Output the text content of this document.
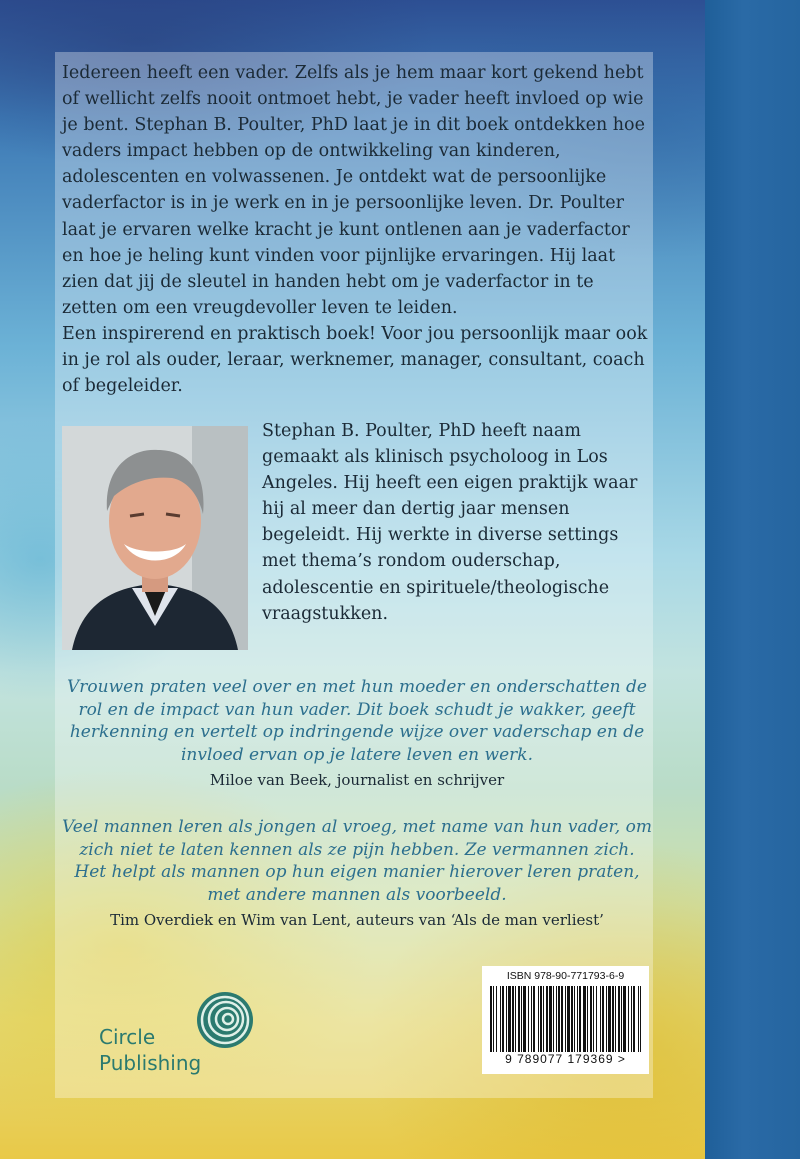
Iedereen heeft een vader. Zelfs als je hem maar kort gekend hebt of wellicht zelfs nooit ontmoet hebt, je vader heeft invloed op wie je bent. Stephan B. Poulter, PhD laat je in dit boek ontdekken hoe vaders impact hebben op de ontwikkeling van kinderen, adolescenten en volwassenen. Je ontdekt wat de persoonlijke vaderfactor is in je werk en in je persoonlijke leven. Dr. Poulter laat je ervaren welke kracht je kunt ontlenen aan je vaderfactor en hoe je heling kunt vinden voor pijnlijke ervaringen. Hij laat zien dat jij de sleutel in handen hebt om je vaderfactor in te zetten om een vreugdevoller leven te leiden.

Een inspirerend en praktisch boek! Voor jou persoonlijk maar ook in je rol als ouder, leraar, werknemer, manager, consultant, coach of begeleider.

Stephan B. Poulter, PhD heeft naam gemaakt als klinisch psycholoog in Los Angeles. Hij heeft een eigen praktijk waar hij al meer dan dertig jaar mensen begeleidt. Hij werkte in diverse settings met thema’s rondom ouderschap, adolescentie en spirituele/theologische vraagstukken.

Vrouwen praten veel over en met hun moeder en onderschatten de rol en de impact van hun vader. Dit boek schudt je wakker, geeft herkenning en vertelt op indringende wijze over vaderschap en de invloed ervan op je latere leven en werk.

Miloe van Beek, journalist en schrijver

Veel mannen leren als jongen al vroeg, met name van hun vader, om zich niet te laten kennen als ze pijn hebben. Ze vermannen zich. Het helpt als mannen op hun eigen manier hierover leren praten, met andere mannen als voorbeeld.

Tim Overdiek en Wim van Lent, auteurs van ‘Als de man verliest’

Circle
Publishing
ISBN 978-90-771793-6-9
9 789077 179369 >
